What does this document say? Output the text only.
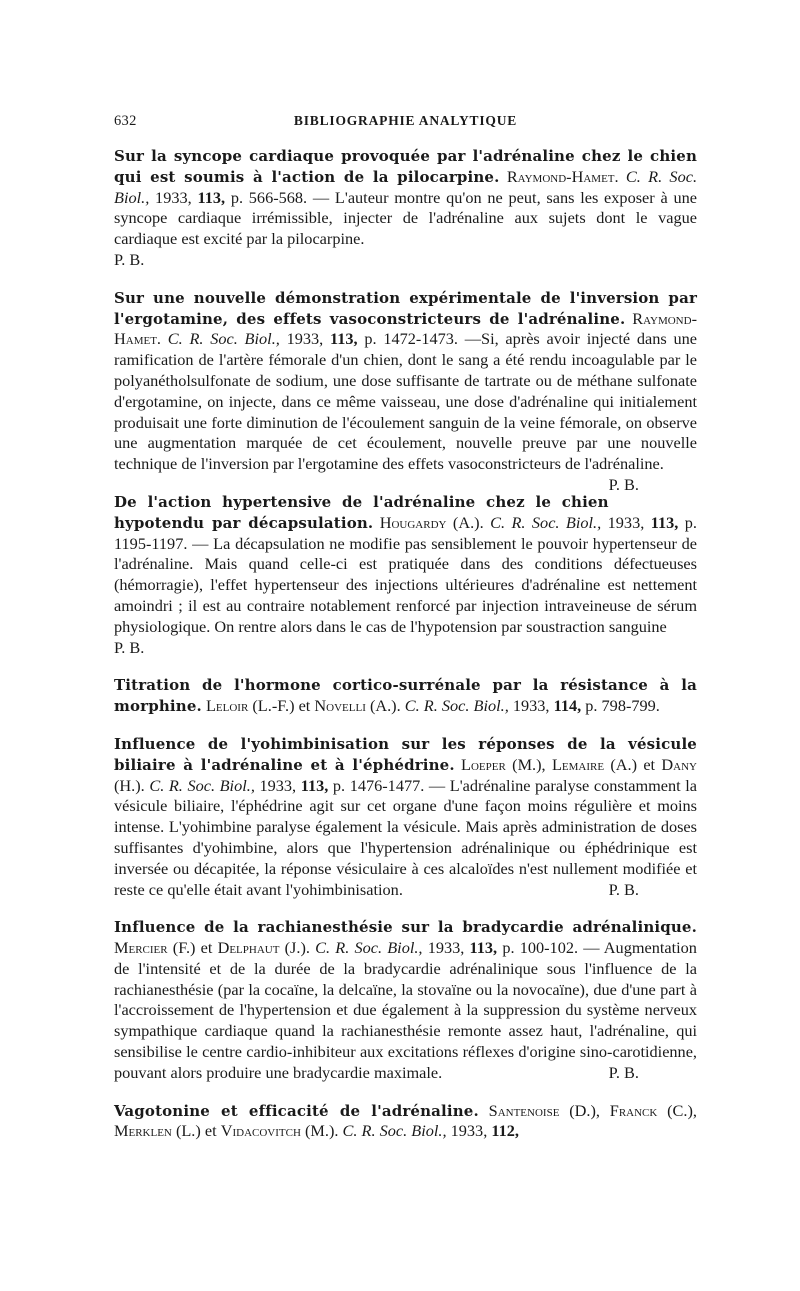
632	BIBLIOGRAPHIE ANALYTIQUE

Sur la syncope cardiaque provoquée par l'adrénaline chez le chien qui est soumis à l'action de la pilocarpine. Raymond-Hamet. C. R. Soc. Biol., 1933, 113, p. 566-568. — L'auteur montre qu'on ne peut, sans les exposer à une syncope cardiaque irrémissible, injecter de l'adrénaline aux sujets dont le vague cardiaque est excité par la pilocarpine.
P. B.

Sur une nouvelle démonstration expérimentale de l'inversion par l'ergotamine, des effets vasoconstricteurs de l'adrénaline. Raymond-Hamet. C. R. Soc. Biol., 1933, 113, p. 1472-1473. —Si, après avoir injecté dans une ramification de l'artère fémorale d'un chien, dont le sang a été rendu incoagulable par le polyanétholsulfonate de sodium, une dose suffisante de tartrate ou de méthane sulfonate d'ergotamine, on injecte, dans ce même vaisseau, une dose d'adrénaline qui initialement produisait une forte diminution de l'écoulement sanguin de la veine fémorale, on observe une augmentation marquée de cet écoulement, nouvelle preuve par une nouvelle technique de l'inversion par l'ergotamine des effets vasoconstricteurs de l'adrénaline.
P. B.

De l'action hypertensive de l'adrénaline chez le chien hypotendu par décapsulation. Hougardy (A.). C. R. Soc. Biol., 1933, 113, p. 1195-1197. — La décapsulation ne modifie pas sensiblement le pouvoir hypertenseur de l'adrénaline. Mais quand celle-ci est pratiquée dans des conditions défectueuses (hémorragie), l'effet hypertenseur des injections ultérieures d'adrénaline est nettement amoindri ; il est au contraire notablement renforcé par injection intraveineuse de sérum physiologique. On rentre alors dans le cas de l'hypotension par soustraction sanguine
P. B.

Titration de l'hormone cortico-surrénale par la résistance à la morphine. Leloir (L.-F.) et Novelli (A.). C. R. Soc. Biol., 1933, 114, p. 798-799.

Influence de l'yohimbinisation sur les réponses de la vésicule biliaire à l'adrénaline et à l'éphédrine. Loeper (M.), Lemaire (A.) et Dany (H.). C. R. Soc. Biol., 1933, 113, p. 1476-1477. — L'adrénaline paralyse constamment la vésicule biliaire, l'éphédrine agit sur cet organe d'une façon moins régulière et moins intense. L'yohimbine paralyse également la vésicule. Mais après administration de doses suffisantes d'yohimbine, alors que l'hypertension adrénalinique ou éphédrinique est inversée ou décapitée, la réponse vésiculaire à ces alcaloïdes n'est nullement modifiée et reste ce qu'elle était avant l'yohimbinisation.	P. B.

Influence de la rachianesthésie sur la bradycardie adrénalinique. Mercier (F.) et Delphaut (J.). C. R. Soc. Biol., 1933, 113, p. 100-102. — Augmentation de l'intensité et de la durée de la bradycardie adrénalinique sous l'influence de la rachianesthésie (par la cocaïne, la delcaïne, la stovaïne ou la novocaïne), due d'une part à l'accroissement de l'hypertension et due également à la suppression du système nerveux sympathique cardiaque quand la rachianesthésie remonte assez haut, l'adrénaline, qui sensibilise le centre cardio-inhibiteur aux excitations réflexes d'origine sino-carotidienne, pouvant alors produire une bradycardie maximale.	P. B.

Vagotonine et efficacité de l'adrénaline. Santenoise (D.), Franck (C.), Merklen (L.) et Vidacovitch (M.). C. R. Soc. Biol., 1933, 112,
